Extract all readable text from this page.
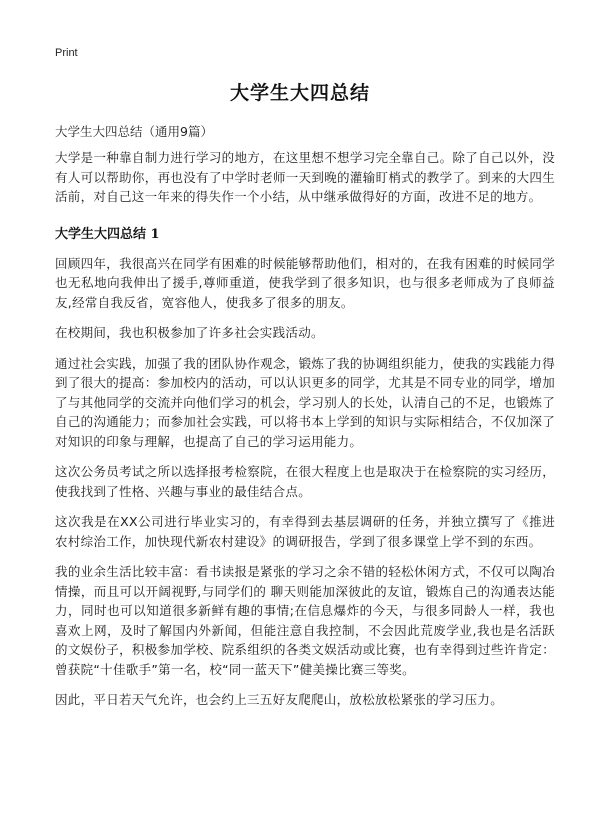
Print
大学生大四总结
大学生大四总结（通用9篇）

大学是一种靠自制力进行学习的地方，在这里想不想学习完全靠自己。除了自己以外，没有人可以帮助你，再也没有了中学时老师一天到晚的灌输盯梢式的教学了。到来的大四生活前，对自己这一年来的得失作一个小结，从中继承做得好的方面，改进不足的地方。

大学生大四总结 1

回顾四年，我很高兴在同学有困难的时候能够帮助他们，相对的，在我有困难的时候同学也无私地向我伸出了援手,尊师重道，使我学到了很多知识，也与很多老师成为了良师益友,经常自我反省，宽容他人，使我多了很多的朋友。

在校期间，我也积极参加了许多社会实践活动。

通过社会实践，加强了我的团队协作观念，锻炼了我的协调组织能力，使我的实践能力得到了很大的提高：参加校内的活动，可以认识更多的同学，尤其是不同专业的同学，增加了与其他同学的交流并向他们学习的机会，学习别人的长处，认清自己的不足，也锻炼了自己的沟通能力；而参加社会实践，可以将书本上学到的知识与实际相结合，不仅加深了对知识的印象与理解，也提高了自己的学习运用能力。

这次公务员考试之所以选择报考检察院，在很大程度上也是取决于在检察院的实习经历，使我找到了性格、兴趣与事业的最佳结合点。

这次我是在XX公司进行毕业实习的，有幸得到去基层调研的任务，并独立撰写了《推进农村综治工作，加快现代新农村建设》的调研报告，学到了很多课堂上学不到的东西。

我的业余生活比较丰富：看书读报是紧张的学习之余不错的轻松休闲方式，不仅可以陶冶情操，而且可以开阔视野,与同学们的 聊天则能加深彼此的友谊，锻炼自己的沟通表达能力，同时也可以知道很多新鲜有趣的事情;在信息爆炸的今天，与很多同龄人一样，我也喜欢上网，及时了解国内外新闻，但能注意自我控制，不会因此荒废学业,我也是名活跃的文娱份子，积极参加学校、院系组织的各类文娱活动或比赛，也有幸得到过些许肯定：曾获院“十佳歌手”第一名，校“同一蓝天下”健美操比赛三等奖。

因此，平日若天气允许，也会约上三五好友爬爬山，放松放松紧张的学习压力。
